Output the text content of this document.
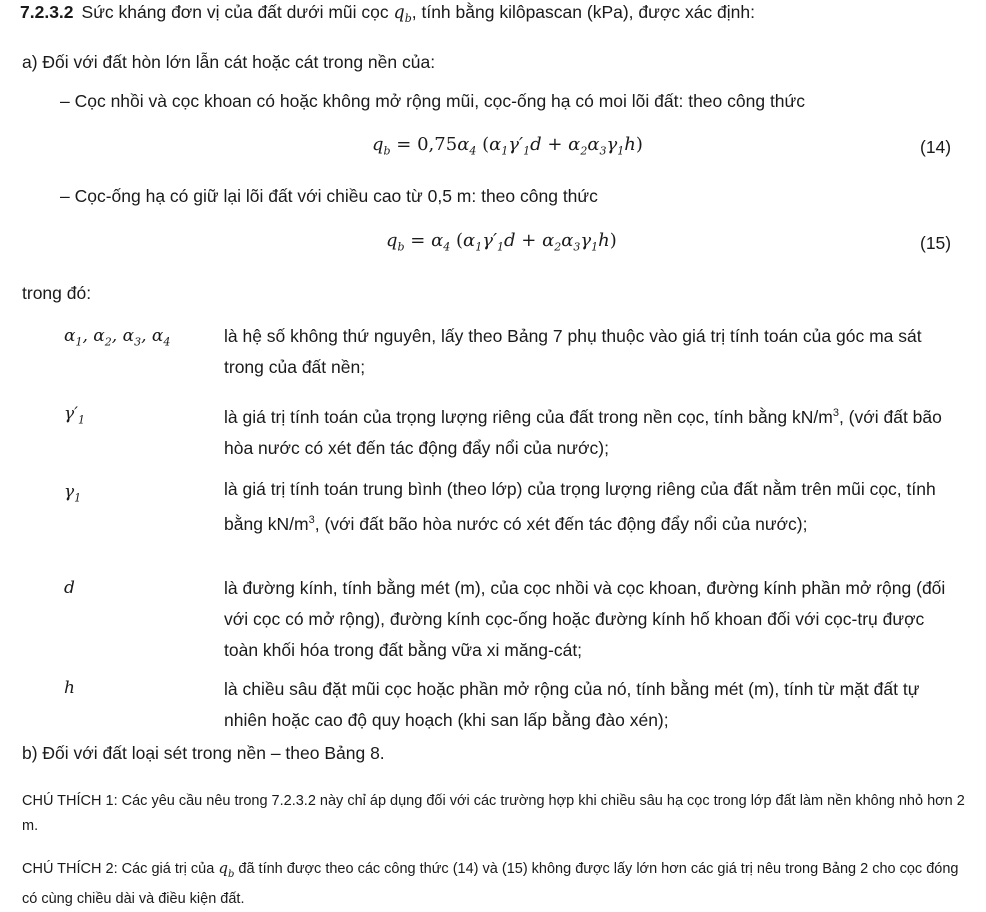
7.2.3.2 Sức kháng đơn vị của đất dưới mũi cọc $q_b$, tính bằng kilôpascan (kPa), được xác định:
a) Đối với đất hòn lớn lẫn cát hoặc cát trong nền của:
– Cọc nhồi và cọc khoan có hoặc không mở rộng mũi, cọc-ống hạ có moi lõi đất: theo công thức
$q_b = 0,75\alpha_4$ $(\alpha_1\gamma'_1d + \alpha_2\alpha_3\gamma_1h)$	(14)
– Cọc-ống hạ có giữ lại lõi đất với chiều cao từ 0,5 m: theo công thức
$q_b = \alpha_4$ $(\alpha_1\gamma'_1d + \alpha_2\alpha_3\gamma_1h)$	(15)
trong đó:
$\alpha_1$, $\alpha_2$, $\alpha_3$, $\alpha_4$	là hệ số không thứ nguyên, lấy theo Bảng 7 phụ thuộc vào giá trị tính toán của góc ma sát trong của đất nền;
$\gamma'_1$	là giá trị tính toán của trọng lượng riêng của đất trong nền cọc, tính bằng $kN/m^3$, (với đất bão hòa nước có xét đến tác động đẩy nổi của nước);
$\gamma_1$	là giá trị tính toán trung bình (theo lớp) của trọng lượng riêng của đất nằm trên mũi cọc, tính bằng $kN/m^3$, (với đất bão hòa nước có xét đến tác động đẩy nổi của nước);
d	là đường kính, tính bằng mét (m), của cọc nhồi và cọc khoan, đường kính phần mở rộng (đối với cọc có mở rộng), đường kính cọc-ống hoặc đường kính hố khoan đối với cọc-trụ được toàn khối hóa trong đất bằng vữa xi măng-cát;
h	là chiều sâu đặt mũi cọc hoặc phần mở rộng của nó, tính bằng mét (m), tính từ mặt đất tự nhiên hoặc cao độ quy hoạch (khi san lấp bằng đào xén);
b) Đối với đất loại sét trong nền – theo Bảng 8.
CHÚ THÍCH 1: Các yêu cầu nêu trong 7.2.3.2 này chỉ áp dụng đối với các trường hợp khi chiều sâu hạ cọc trong lớp đất làm nền không nhỏ hơn 2 m.
CHÚ THÍCH 2: Các giá trị của $q_b$ đã tính được theo các công thức (14) và (15) không được lấy lớn hơn các giá trị nêu trong Bảng 2 cho cọc đóng có cùng chiều dài và điều kiện đất.
